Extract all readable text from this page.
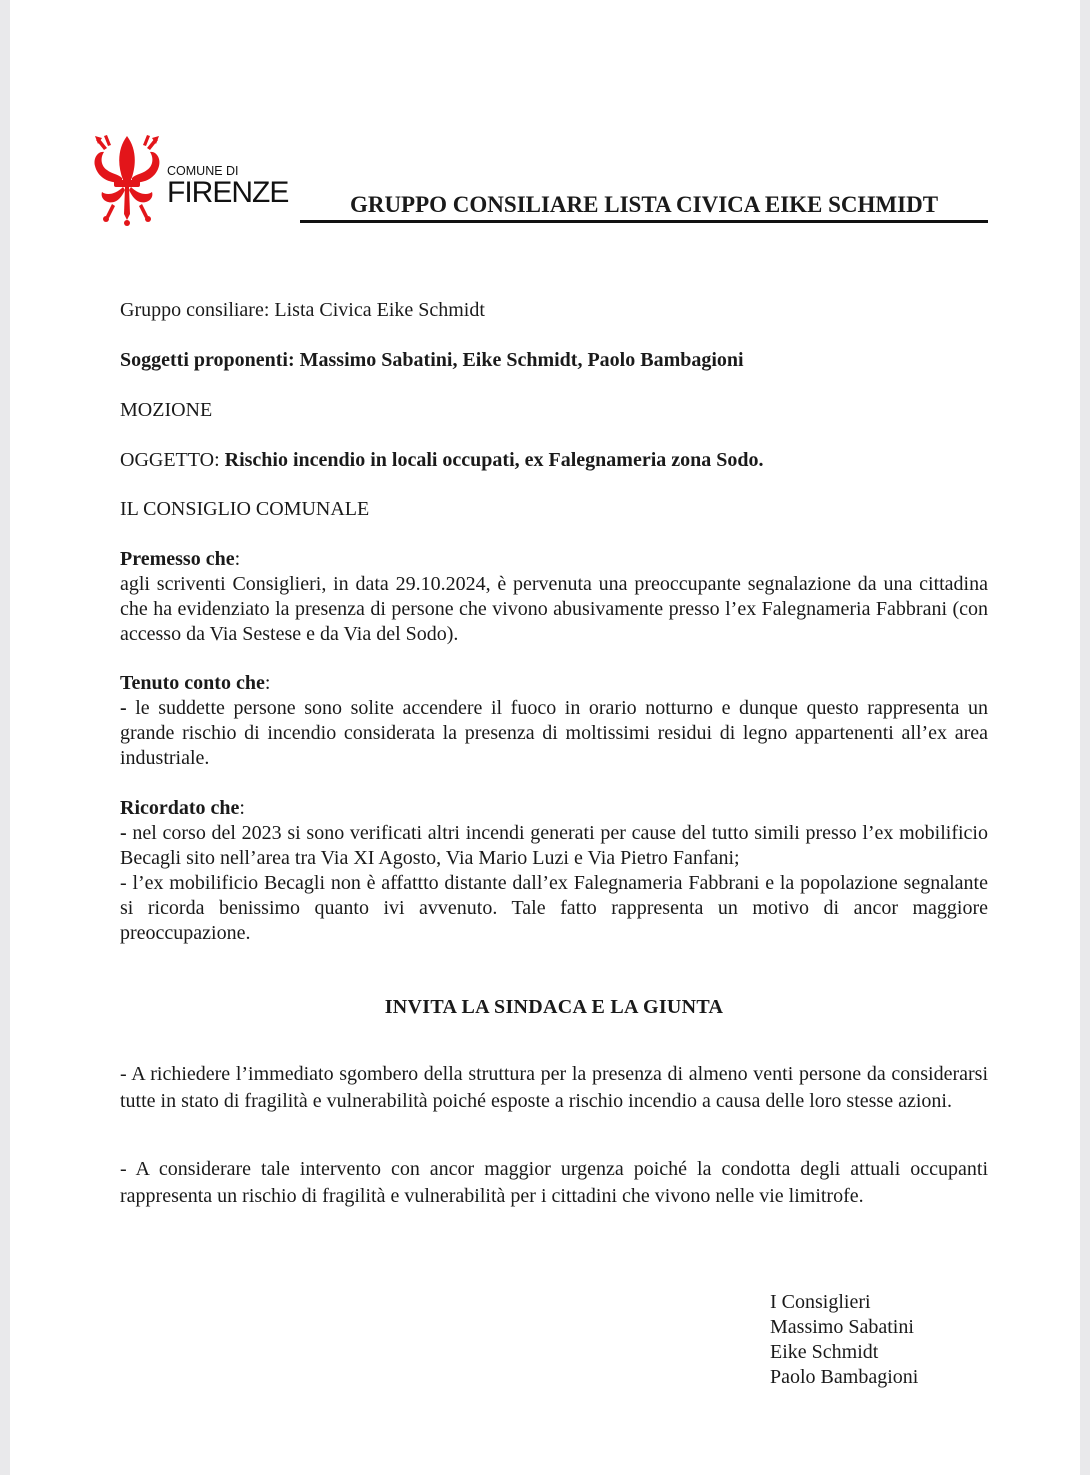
COMUNE DI
FIRENZE	GRUPPO CONSILIARE LISTA CIVICA EIKE SCHMIDT

Gruppo consiliare: Lista Civica Eike Schmidt

Soggetti proponenti: Massimo Sabatini, Eike Schmidt, Paolo Bambagioni

MOZIONE

OGGETTO: Rischio incendio in locali occupati, ex Falegnameria zona Sodo.

IL CONSIGLIO COMUNALE

Premesso che:

agli scriventi Consiglieri, in data 29.10.2024, è pervenuta una preoccupante segnalazione da una cittadina che ha evidenziato la presenza di persone che vivono abusivamente presso l’ex Falegnameria Fabbrani (con accesso da Via Sestese e da Via del Sodo).

Tenuto conto che:

- le suddette persone sono solite accendere il fuoco in orario notturno e dunque questo rappresenta un grande rischio di incendio considerata la presenza di moltissimi residui di legno appartenenti all’ex area industriale.

Ricordato che:

- nel corso del 2023 si sono verificati altri incendi generati per cause del tutto simili presso l’ex mobilificio Becagli sito nell’area tra Via XI Agosto, Via Mario Luzi e Via Pietro Fanfani;

- l’ex mobilificio Becagli non è affattto distante dall’ex Falegnameria Fabbrani e la popolazione segnalante si ricorda benissimo quanto ivi avvenuto. Tale fatto rappresenta un motivo di ancor maggiore preoccupazione.

INVITA LA SINDACA E LA GIUNTA

- A richiedere l’immediato sgombero della struttura per la presenza di almeno venti persone da considerarsi tutte in stato di fragilità e vulnerabilità poiché esposte a rischio incendio a causa delle loro stesse azioni.

- A considerare tale intervento con ancor maggior urgenza poiché la condotta degli attuali occupanti rappresenta un rischio di fragilità e vulnerabilità per i cittadini che vivono nelle vie limitrofe.

I Consiglieri

Massimo Sabatini

Eike Schmidt

Paolo Bambagioni
